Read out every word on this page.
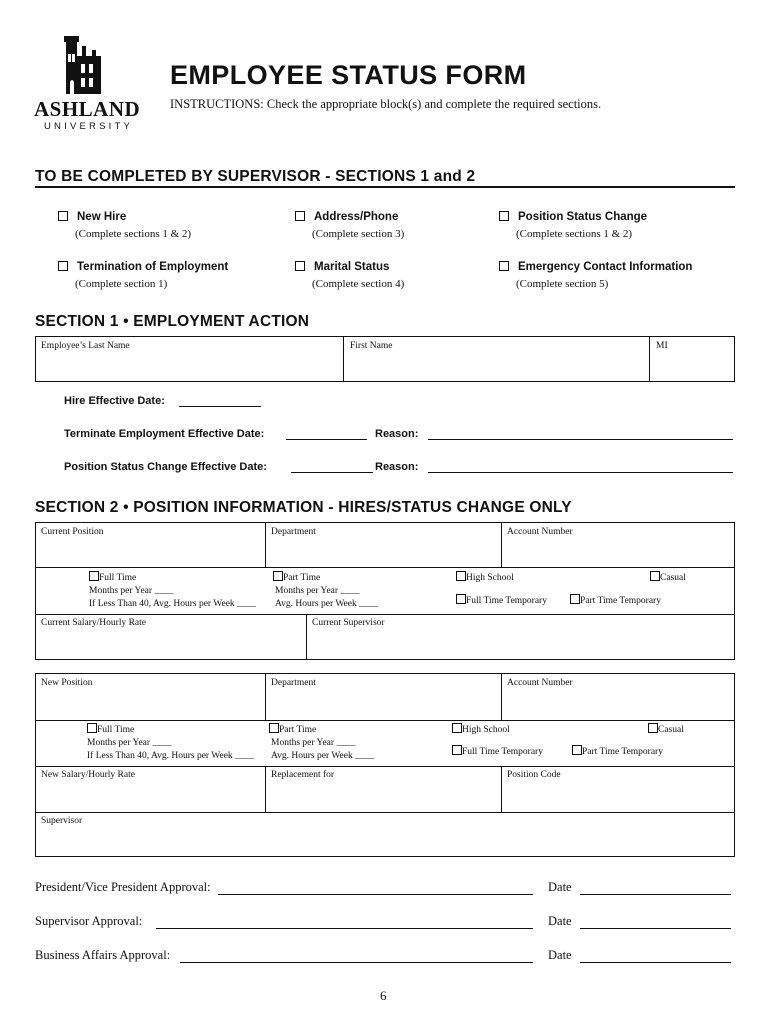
ASHLAND
UNIVERSITY
EMPLOYEE STATUS FORM
INSTRUCTIONS: Check the appropriate block(s) and complete the required sections.
TO BE COMPLETED BY SUPERVISOR - SECTIONS 1 and 2
New Hire
(Complete sections 1 & 2)
Address/Phone
(Complete section 3)
Position Status Change
(Complete sections 1 & 2)
Termination of Employment
(Complete section 1)
Marital Status
(Complete section 4)
Emergency Contact Information
(Complete section 5)
SECTION 1 • EMPLOYMENT ACTION
Employee’s Last Name	First Name	MI
Hire Effective Date:
Terminate Employment Effective Date:	Reason:
Position Status Change Effective Date:	Reason:
SECTION 2 • POSITION INFORMATION - HIRES/STATUS CHANGE ONLY
Current Position	Department	Account Number
Full Time
Months per Year ____
If Less Than 40, Avg. Hours per Week ____
Part Time
Months per Year ____
Avg. Hours per Week ____
High School	Casual
Full Time Temporary	Part Time Temporary
Current Salary/Hourly Rate	Current Supervisor
New Position	Department	Account Number
Full Time
Months per Year ____
If Less Than 40, Avg. Hours per Week ____
Part Time
Months per Year ____
Avg. Hours per Week ____
High School	Casual
Full Time Temporary	Part Time Temporary
New Salary/Hourly Rate	Replacement for	Position Code
Supervisor
President/Vice President Approval:	Date
Supervisor Approval:	Date
Business Affairs Approval:	Date
6
